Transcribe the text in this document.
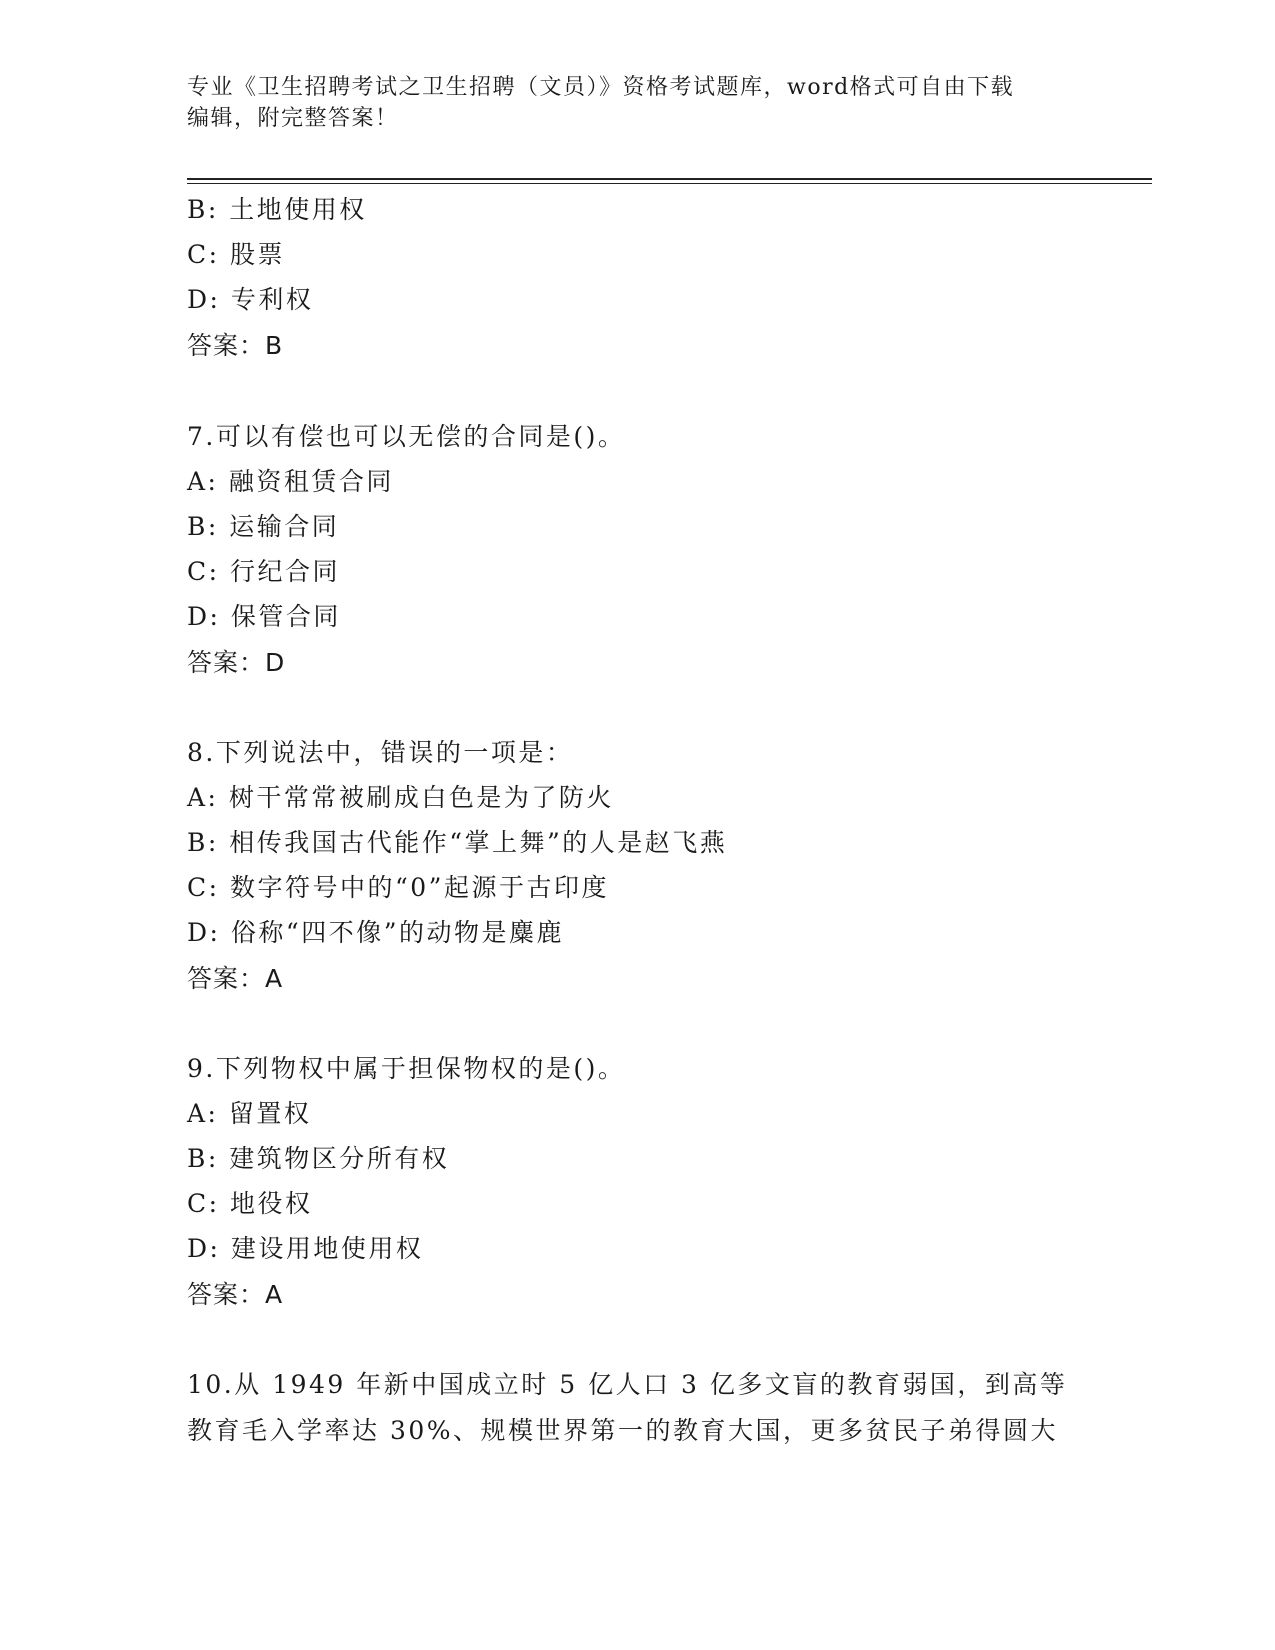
专业《卫生招聘考试之卫生招聘（文员）》资格考试题库，word格式可自由下载
编辑，附完整答案！
B: 土地使用权
C: 股票
D: 专利权
答案：B
7.可以有偿也可以无偿的合同是()。
A: 融资租赁合同
B: 运输合同
C: 行纪合同
D: 保管合同
答案：D
8.下列说法中，错误的一项是：
A: 树干常常被刷成白色是为了防火
B: 相传我国古代能作“掌上舞”的人是赵飞燕
C: 数字符号中的“0”起源于古印度
D: 俗称“四不像”的动物是麋鹿
答案：A
9.下列物权中属于担保物权的是()。
A: 留置权
B: 建筑物区分所有权
C: 地役权
D: 建设用地使用权
答案：A
10.从 1949 年新中国成立时 5 亿人口 3 亿多文盲的教育弱国，到高等
教育毛入学率达 30%、规模世界第一的教育大国，更多贫民子弟得圆大
